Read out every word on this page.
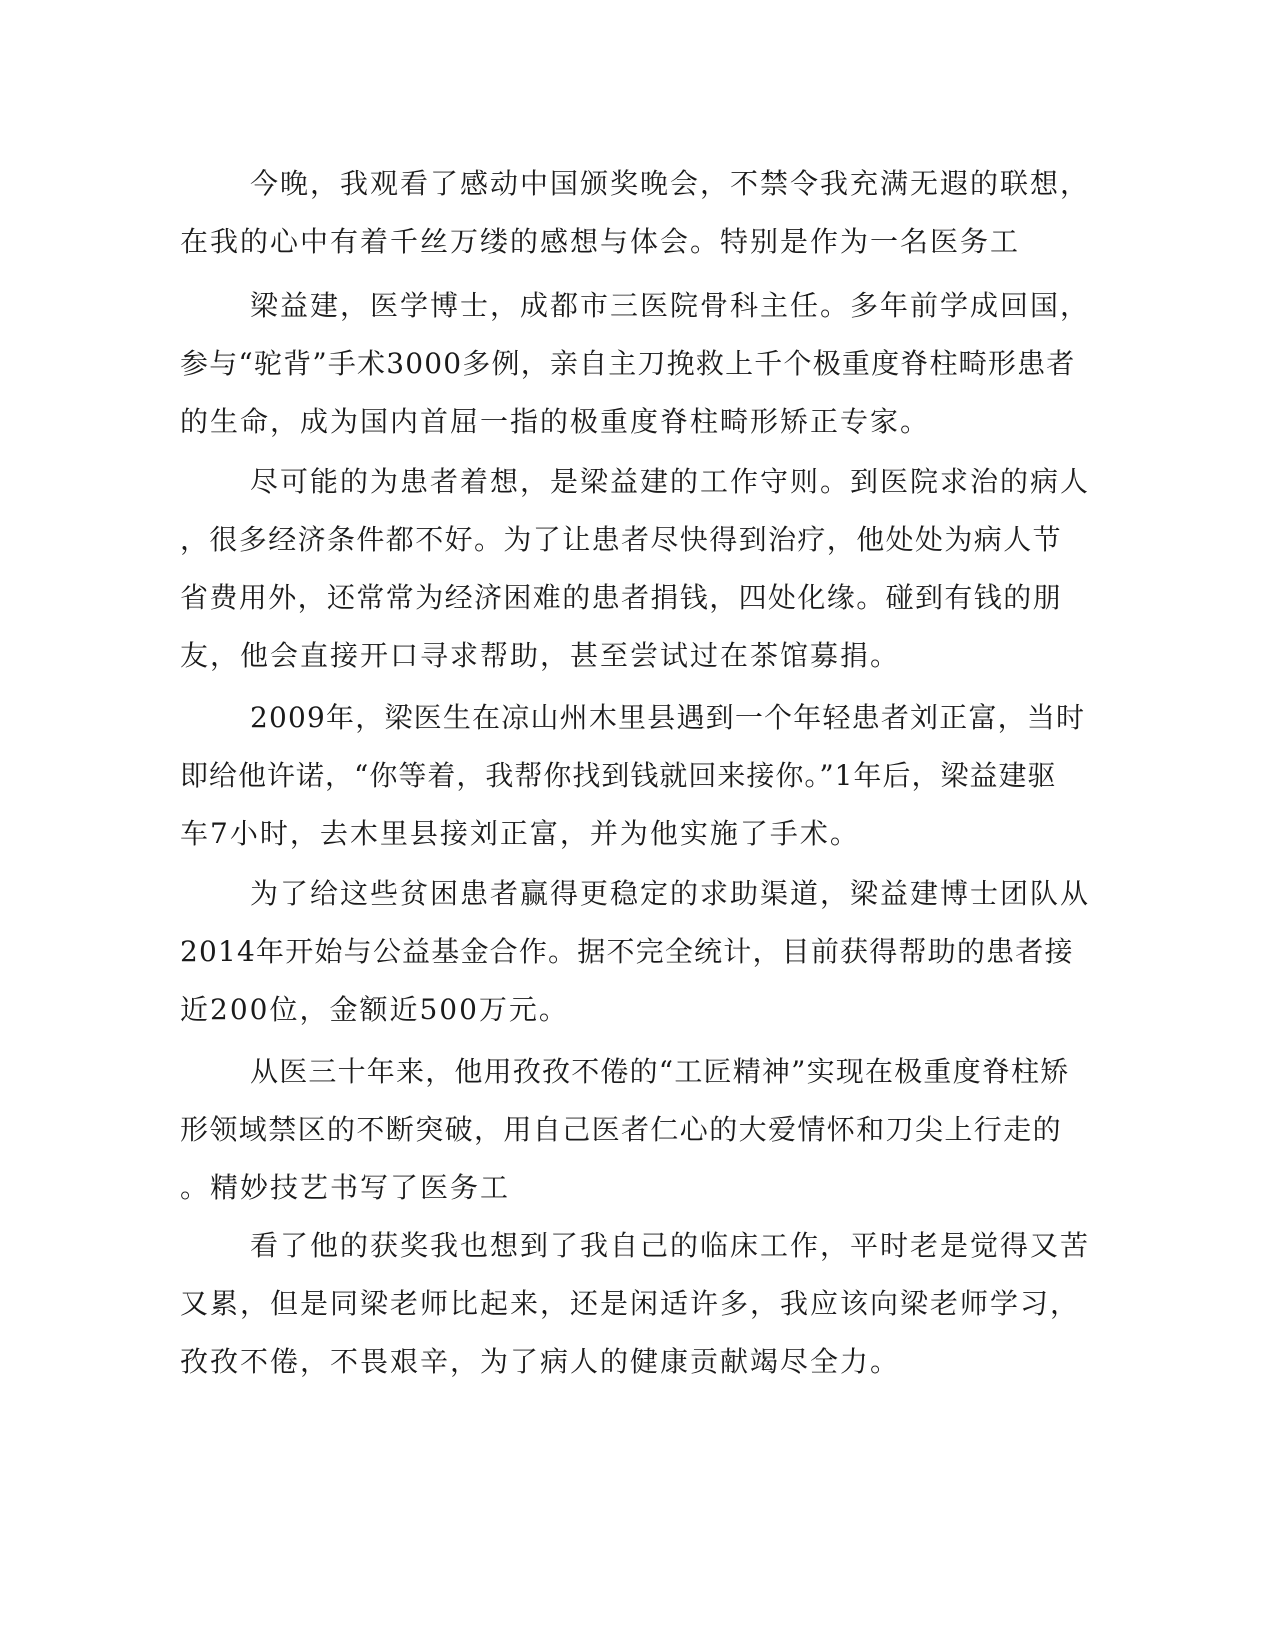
今晚，我观看了感动中国颁奖晚会，不禁令我充满无遐的联想，

在我的心中有着千丝万缕的感想与体会。特别是作为一名医务工

梁益建，医学博士，成都市三医院骨科主任。多年前学成回国，

参与“驼背”手术3000多例，亲自主刀挽救上千个极重度脊柱畸形患者

的生命，成为国内首屈一指的极重度脊柱畸形矫正专家。

尽可能的为患者着想，是梁益建的工作守则。到医院求治的病人

，很多经济条件都不好。为了让患者尽快得到治疗，他处处为病人节

省费用外，还常常为经济困难的患者捐钱，四处化缘。碰到有钱的朋

友，他会直接开口寻求帮助，甚至尝试过在茶馆募捐。

2009年，梁医生在凉山州木里县遇到一个年轻患者刘正富，当时

即给他许诺，“你等着，我帮你找到钱就回来接你。”1年后，梁益建驱

车7小时，去木里县接刘正富，并为他实施了手术。

为了给这些贫困患者赢得更稳定的求助渠道，梁益建博士团队从

2014年开始与公益基金合作。据不完全统计，目前获得帮助的患者接

近200位，金额近500万元。

从医三十年来，他用孜孜不倦的“工匠精神”实现在极重度脊柱矫

形领域禁区的不断突破，用自己医者仁心的大爱情怀和刀尖上行走的

。精妙技艺书写了医务工

看了他的获奖我也想到了我自己的临床工作，平时老是觉得又苦

又累，但是同梁老师比起来，还是闲适许多，我应该向梁老师学习，

孜孜不倦，不畏艰辛，为了病人的健康贡献竭尽全力。
